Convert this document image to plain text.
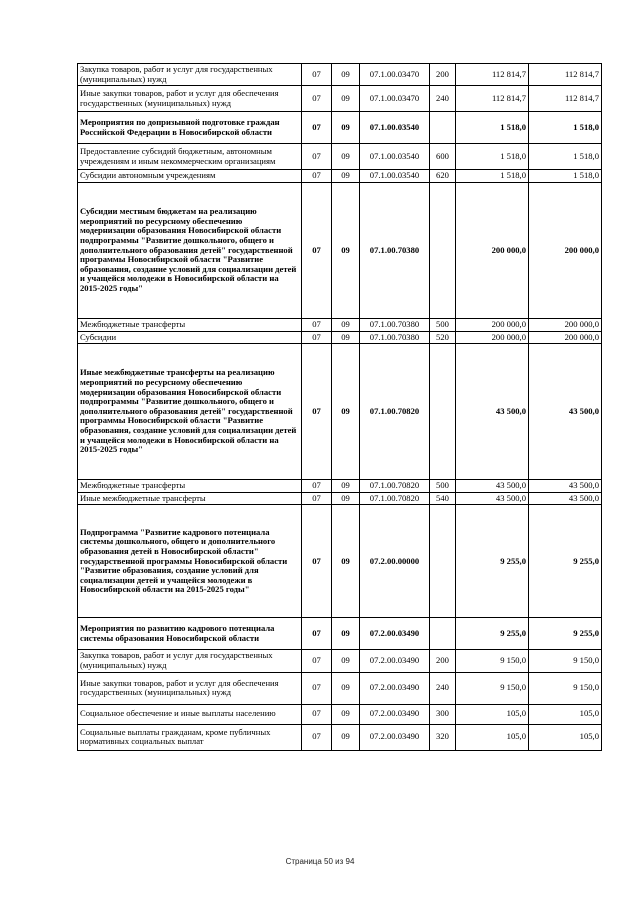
Закупка товаров, работ и услуг для государственных (муниципальных) нужд	07	09	07.1.00.03470	200	112 814,7	112 814,7
Иные закупки товаров, работ и услуг для обеспечения государственных (муниципальных) нужд	07	09	07.1.00.03470	240	112 814,7	112 814,7
Мероприятия по допризывной подготовке граждан Российской Федерации в Новосибирской области	07	09	07.1.00.03540		1 518,0	1 518,0
Предоставление субсидий бюджетным, автономным учреждениям и иным некоммерческим организациям	07	09	07.1.00.03540	600	1 518,0	1 518,0
Субсидии автономным учреждениям	07	09	07.1.00.03540	620	1 518,0	1 518,0
Субсидии местным бюджетам на реализацию мероприятий по ресурсному обеспечению модернизации образования Новосибирской области подпрограммы "Развитие дошкольного, общего и дополнительного образования детей" государственной программы Новосибирской области "Развитие образования, создание условий для социализации детей и учащейся молодежи в Новосибирской области на 2015-2025 годы"	07	09	07.1.00.70380		200 000,0	200 000,0
Межбюджетные трансферты	07	09	07.1.00.70380	500	200 000,0	200 000,0
Субсидии	07	09	07.1.00.70380	520	200 000,0	200 000,0
Иные межбюджетные трансферты на реализацию мероприятий по ресурсному обеспечению модернизации образования Новосибирской области подпрограммы "Развитие дошкольного, общего и дополнительного образования детей" государственной программы Новосибирской области "Развитие образования, создание условий для социализации детей и учащейся молодежи в Новосибирской области на 2015-2025 годы"	07	09	07.1.00.70820		43 500,0	43 500,0
Межбюджетные трансферты	07	09	07.1.00.70820	500	43 500,0	43 500,0
Иные межбюджетные трансферты	07	09	07.1.00.70820	540	43 500,0	43 500,0
Подпрограмма "Развитие кадрового потенциала системы дошкольного, общего и дополнительного образования детей в Новосибирской области" государственной программы Новосибирской области "Развитие образования, создание условий для социализации детей и учащейся молодежи в Новосибирской области на 2015-2025 годы"	07	09	07.2.00.00000		9 255,0	9 255,0
Мероприятия по развитию кадрового потенциала системы образования Новосибирской области	07	09	07.2.00.03490		9 255,0	9 255,0
Закупка товаров, работ и услуг для государственных (муниципальных) нужд	07	09	07.2.00.03490	200	9 150,0	9 150,0
Иные закупки товаров, работ и услуг для обеспечения государственных (муниципальных) нужд	07	09	07.2.00.03490	240	9 150,0	9 150,0
Социальное обеспечение и иные выплаты населению	07	09	07.2.00.03490	300	105,0	105,0
Социальные выплаты гражданам, кроме публичных нормативных социальных выплат	07	09	07.2.00.03490	320	105,0	105,0
Страница 50 из 94
